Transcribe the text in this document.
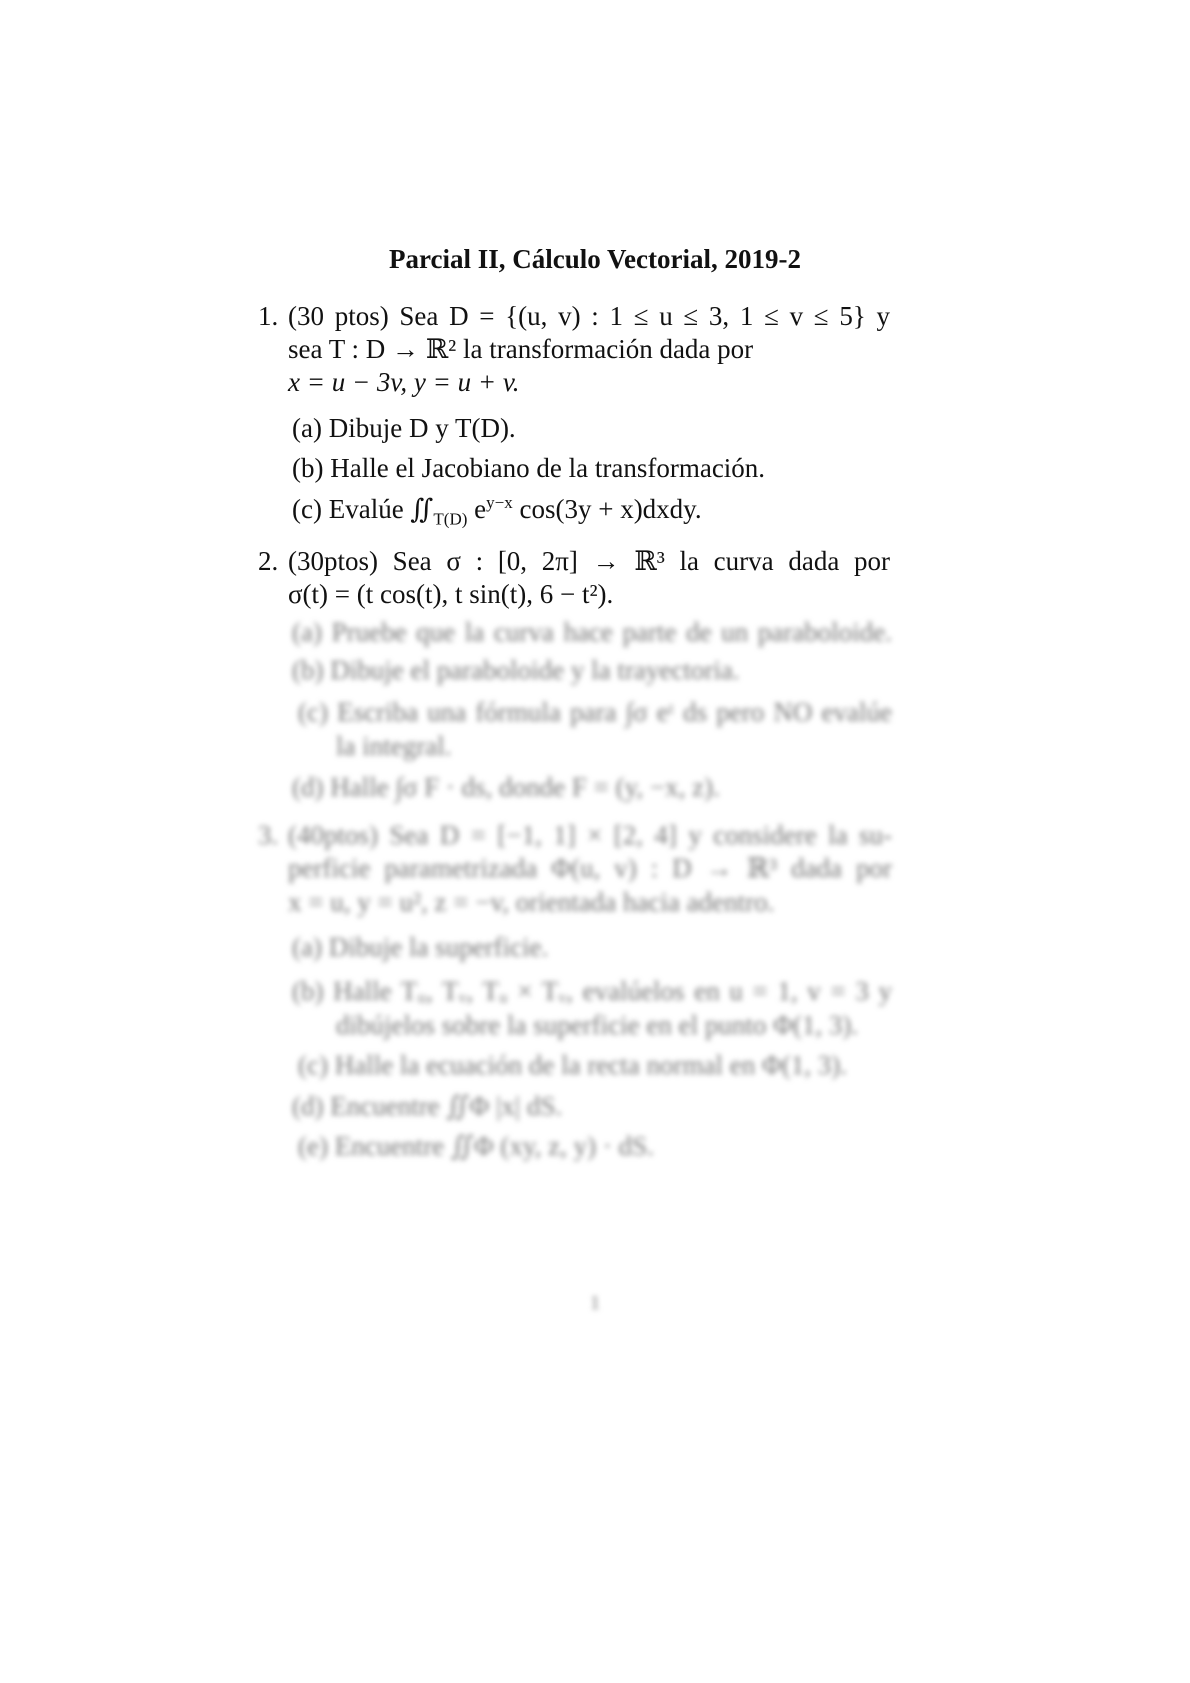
Parcial II, Cálculo Vectorial, 2019-2
1. (30 ptos) Sea D = {(u, v) : 1 ≤ u ≤ 3, 1 ≤ v ≤ 5} y
sea T : D → ℝ² la transformación dada por
x = u − 3v, y = u + v.
(a) Dibuje D y T(D).
(b) Halle el Jacobiano de la transformación.
(c) Evalúe $∬_{T(D)}$ $e^{y-x}$ cos(3y + x)dxdy.
2. (30ptos) Sea σ : [0, 2π] → ℝ³ la curva dada por
σ(t) = (t cos(t), t sin(t), 6 − t²).
(a) Pruebe que la curva hace parte de un paraboloide.
(b) Dibuje el paraboloide y la trayectoria.
(c) Escriba una fórmula para ∫σ eᵗ ds pero NO evalúe
la integral.
(d) Halle ∫σ F · ds, donde F = (y, −x, z).
3. (40ptos) Sea D = [−1, 1] × [2, 4] y considere la su-
perficie parametrizada Φ(u, v) : D → ℝ³ dada por
x = u, y = u², z = −v, orientada hacia adentro.
(a) Dibuje la superficie.
(b) Halle Tᵤ, Tᵥ, Tᵤ × Tᵥ, evalúelos en u = 1, v = 3 y
dibújelos sobre la superficie en el punto Φ(1, 3).
(c) Halle la ecuación de la recta normal en Φ(1, 3).
(d) Encuentre ∬Φ |x| dS.
(e) Encuentre ∬Φ (xy, z, y) · dS.
1
